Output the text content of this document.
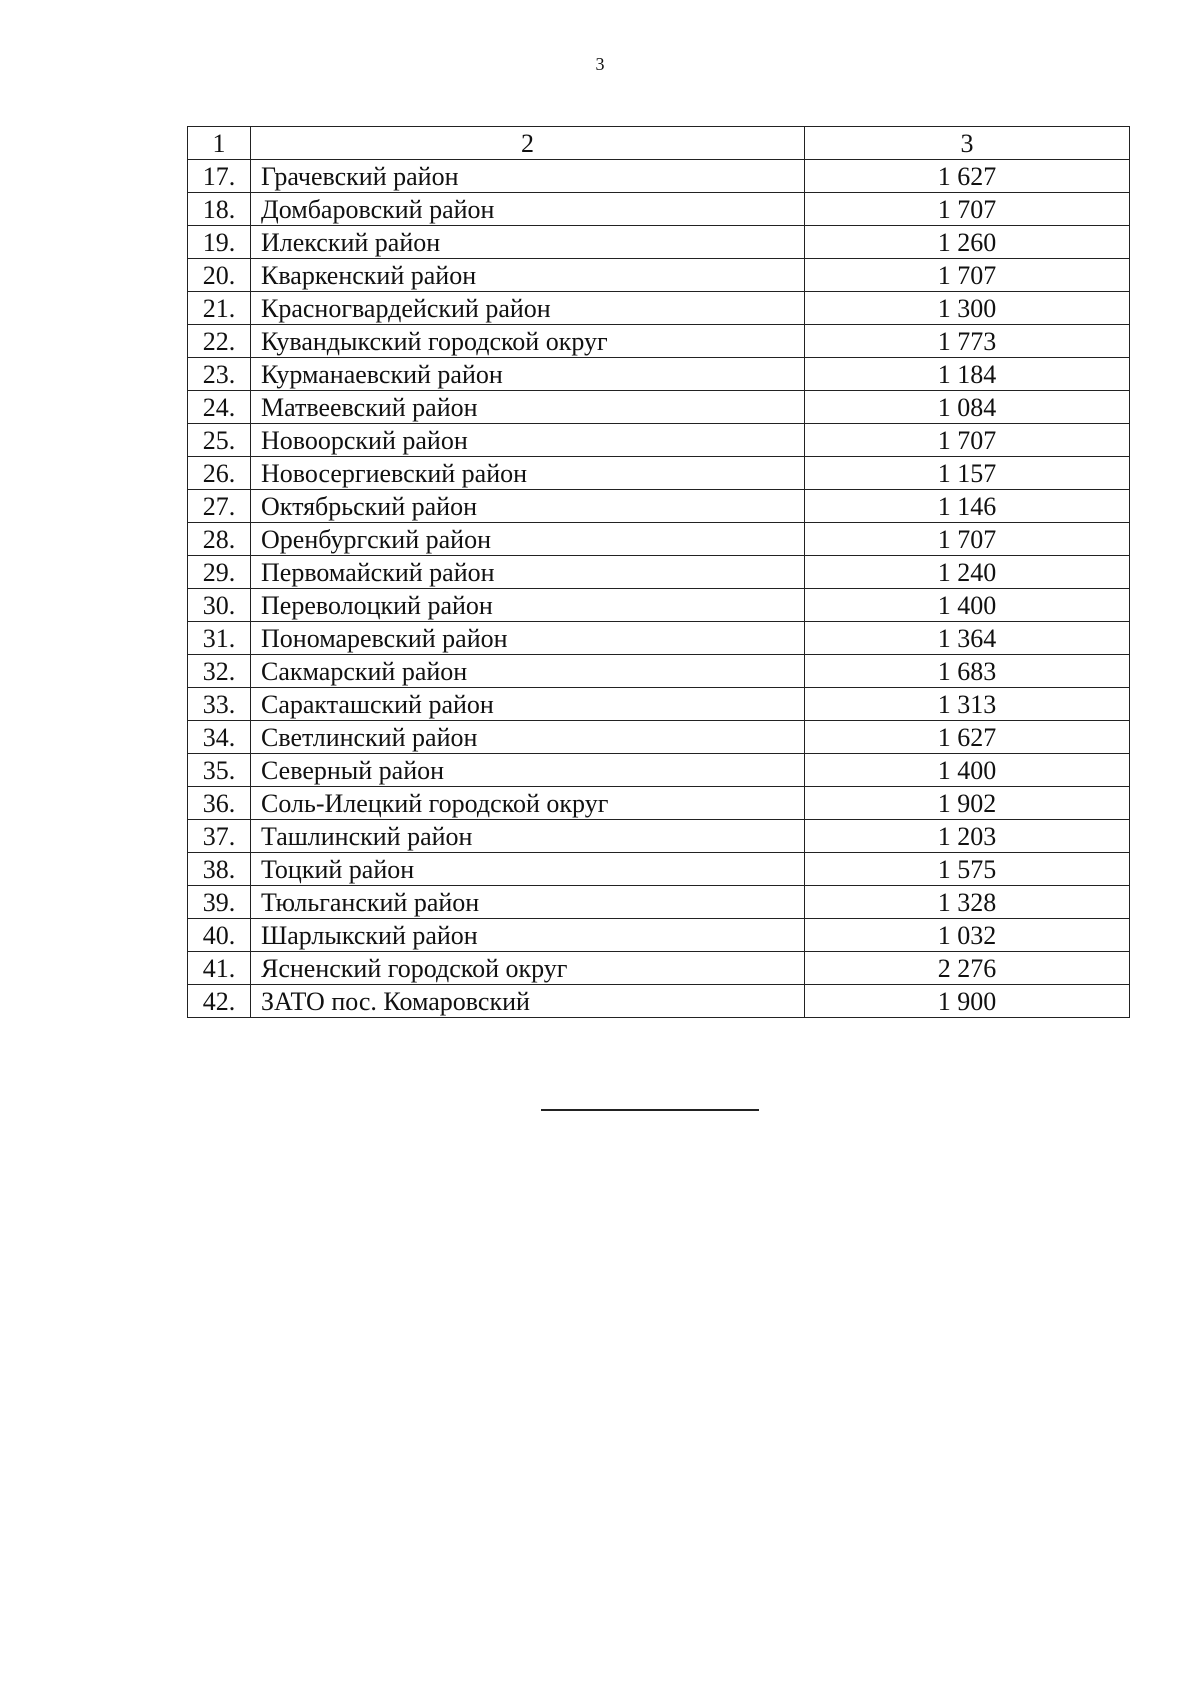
3
1	2	3
17.	Грачевский район	1 627
18.	Домбаровский район	1 707
19.	Илекский район	1 260
20.	Кваркенский район	1 707
21.	Красногвардейский район	1 300
22.	Кувандыкский городской округ	1 773
23.	Курманаевский район	1 184
24.	Матвеевский район	1 084
25.	Новоорский район	1 707
26.	Новосергиевский район	1 157
27.	Октябрьский район	1 146
28.	Оренбургский район	1 707
29.	Первомайский район	1 240
30.	Переволоцкий район	1 400
31.	Пономаревский район	1 364
32.	Сакмарский район	1 683
33.	Саракташский район	1 313
34.	Светлинский район	1 627
35.	Северный район	1 400
36.	Соль-Илецкий городской округ	1 902
37.	Ташлинский район	1 203
38.	Тоцкий район	1 575
39.	Тюльганский район	1 328
40.	Шарлыкский район	1 032
41.	Ясненский городской округ	2 276
42.	ЗАТО пос. Комаровский	1 900
